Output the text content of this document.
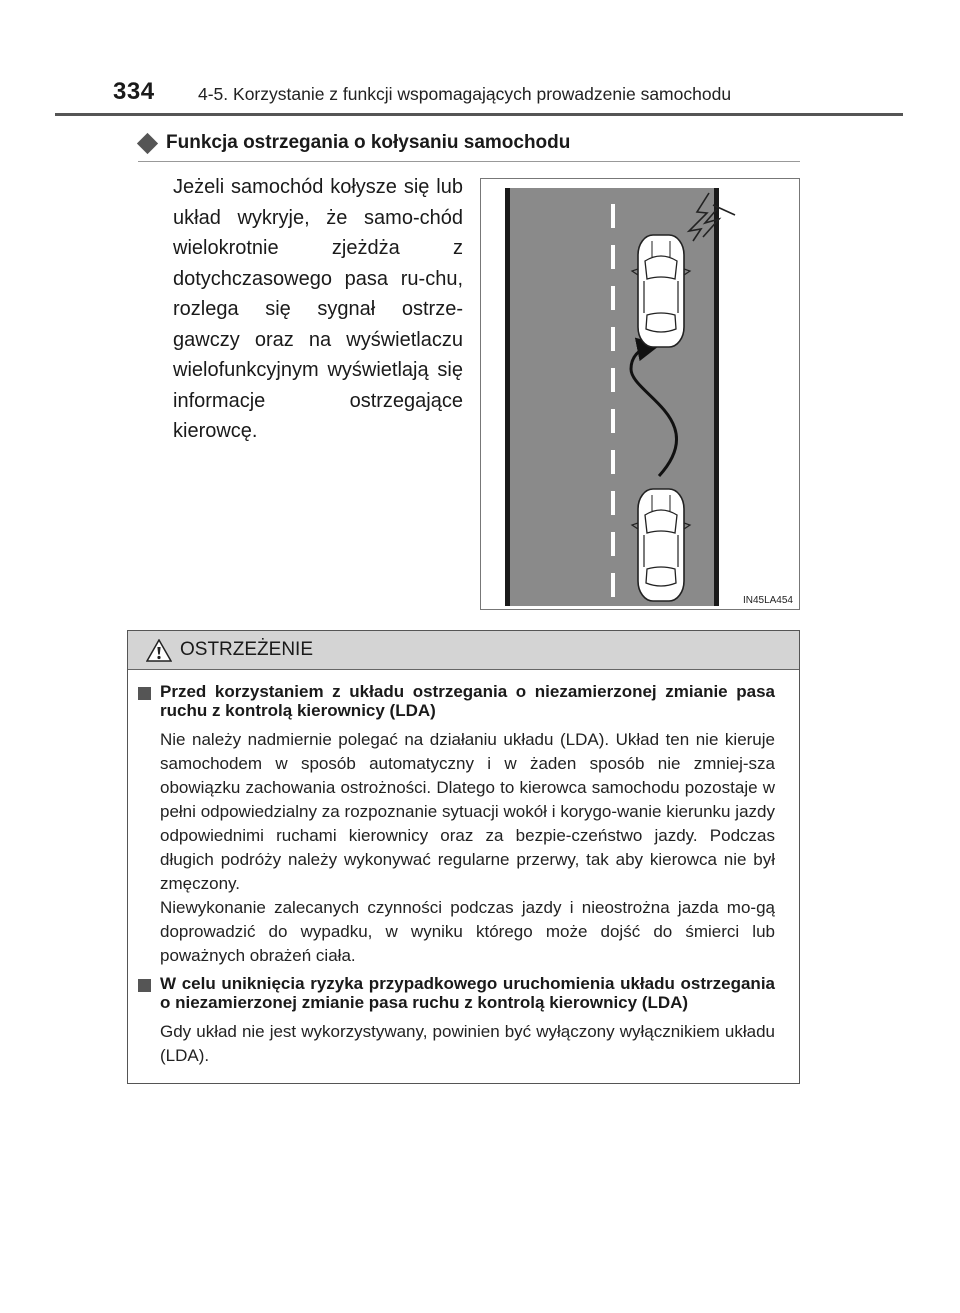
334 4-5. Korzystanie z funkcji wspomagających prowadzenie samochodu
Funkcja ostrzegania o kołysaniu samochodu
Jeżeli samochód kołysze się lub układ wykryje, że samo-chód wielokrotnie zjeżdża z dotychczasowego pasa ru-chu, rozlega się sygnał ostrze-gawczy oraz na wyświetlaczu wielofunkcyjnym wyświetlają się informacje ostrzegające kierowcę.
IN45LA454
OSTRZEŻENIE
Przed korzystaniem z układu ostrzegania o niezamierzonej zmianie pasa ruchu z kontrolą kierownicy (LDA)
Nie należy nadmiernie polegać na działaniu układu (LDA). Układ ten nie kieruje samochodem w sposób automatyczny i w żaden sposób nie zmniej-sza obowiązku zachowania ostrożności. Dlatego to kierowca samochodu pozostaje w pełni odpowiedzialny za rozpoznanie sytuacji wokół i korygo-wanie kierunku jazdy odpowiednimi ruchami kierownicy oraz za bezpie-czeństwo jazdy. Podczas długich podróży należy wykonywać regularne przerwy, tak aby kierowca nie był zmęczony.
Niewykonanie zalecanych czynności podczas jazdy i nieostrożna jazda mo-gą doprowadzić do wypadku, w wyniku którego może dojść do śmierci lub poważnych obrażeń ciała.
W celu uniknięcia ryzyka przypadkowego uruchomienia układu ostrzegania o niezamierzonej zmianie pasa ruchu z kontrolą kierownicy (LDA)
Gdy układ nie jest wykorzystywany, powinien być wyłączony wyłącznikiem układu (LDA).
